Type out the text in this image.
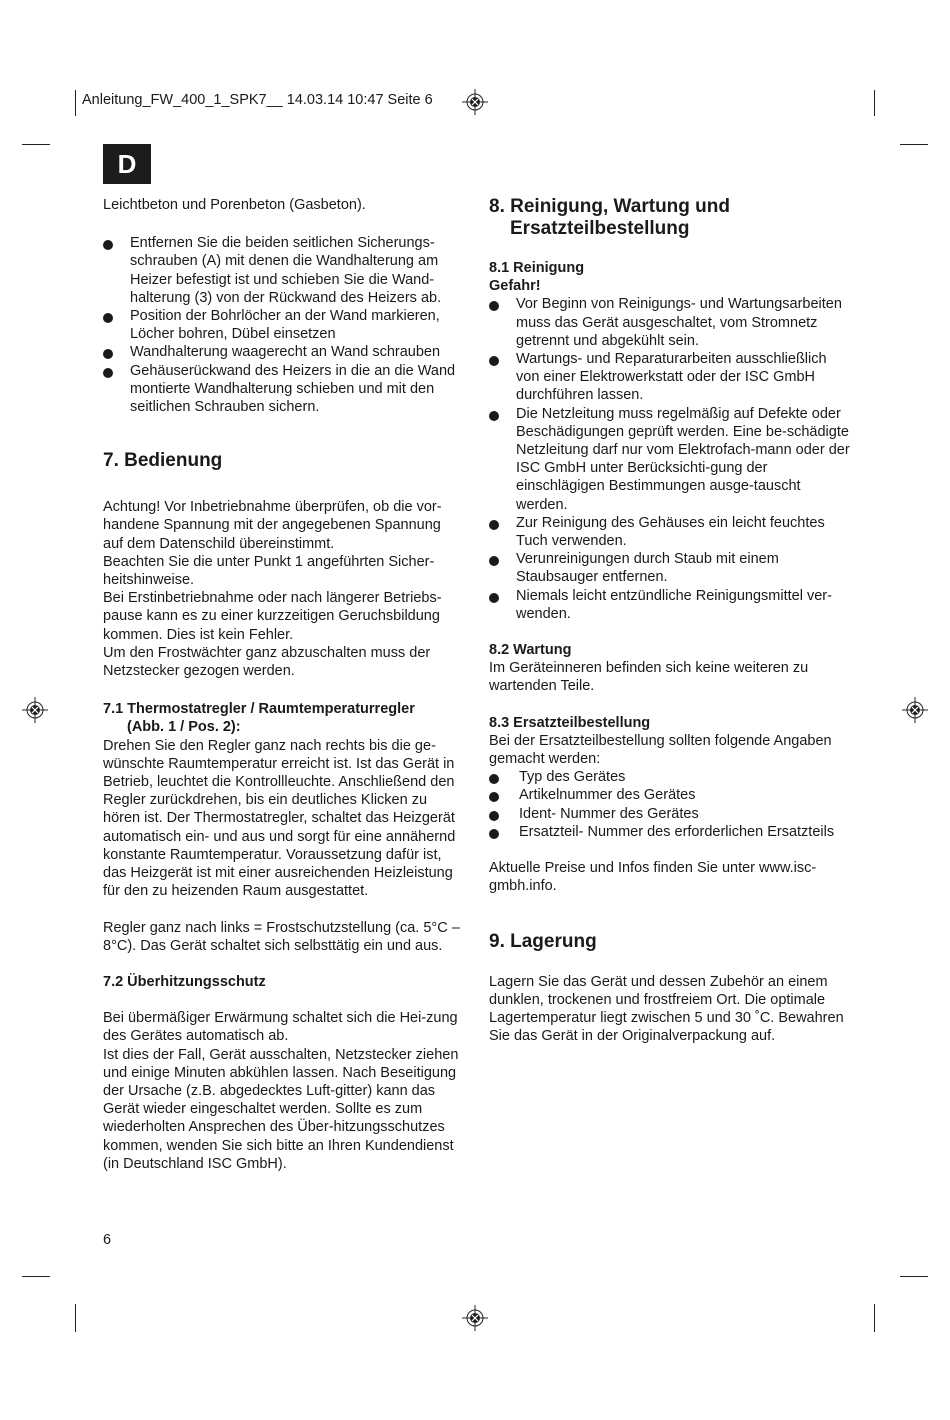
Anleitung_FW_400_1_SPK7__ 14.03.14 10:47 Seite 6
D

Leichtbeton und Porenbeton (Gasbeton).

Entfernen Sie die beiden seitlichen Sicherungs-schrauben (A) mit denen die Wandhalterung am Heizer befestigt ist und schieben Sie die Wand-halterung (3) von der Rückwand des Heizers ab.
Position der Bohrlöcher an der Wand markieren, Löcher bohren, Dübel einsetzen
Wandhalterung waagerecht an Wand schrauben
Gehäuserückwand des Heizers in die an die Wand montierte Wandhalterung schieben und mit den seitlichen Schrauben sichern.
7. Bedienung

Achtung! Vor Inbetriebnahme überprüfen, ob die vor-handene Spannung mit der angegebenen Spannung auf dem Datenschild übereinstimmt.

Beachten Sie die unter Punkt 1 angeführten Sicher-heitshinweise.

Bei Erstinbetriebnahme oder nach längerer Betriebs-pause kann es zu einer kurzzeitigen Geruchsbildung kommen. Dies ist kein Fehler.

Um den Frostwächter ganz abzuschalten muss der Netzstecker gezogen werden.

7.1 Thermostatregler / Raumtemperaturregler
(Abb. 1 / Pos. 2):

Drehen Sie den Regler ganz nach rechts bis die ge-wünschte Raumtemperatur erreicht ist. Ist das Gerät in Betrieb, leuchtet die Kontrollleuchte. Anschließend den Regler zurückdrehen, bis ein deutliches Klicken zu hören ist. Der Thermostatregler, schaltet das Heizgerät automatisch ein- und aus und sorgt für eine annähernd konstante Raumtemperatur. Voraussetzung dafür ist, das Heizgerät ist mit einer ausreichenden Heizleistung für den zu heizenden Raum ausgestattet.

Regler ganz nach links = Frostschutzstellung (ca. 5°C – 8°C). Das Gerät schaltet sich selbsttätig ein und aus.

7.2 Überhitzungsschutz

Bei übermäßiger Erwärmung schaltet sich die Hei-zung des Gerätes automatisch ab.

Ist dies der Fall, Gerät ausschalten, Netzstecker ziehen und einige Minuten abkühlen lassen. Nach Beseitigung der Ursache (z.B. abgedecktes Luft-gitter) kann das Gerät wieder eingeschaltet werden. Sollte es zum wiederholten Ansprechen des Über-hitzungsschutzes kommen, wenden Sie sich bitte an Ihren Kundendienst (in Deutschland ISC GmbH).

8. Reinigung, Wartung und
Ersatzteilbestellung
8.1 Reinigung
Gefahr!
Vor Beginn von Reinigungs- und Wartungsarbeiten muss das Gerät ausgeschaltet, vom Stromnetz getrennt und abgekühlt sein.
Wartungs- und Reparaturarbeiten ausschließlich von einer Elektrowerkstatt oder der ISC GmbH durchführen lassen.
Die Netzleitung muss regelmäßig auf Defekte oder Beschädigungen geprüft werden. Eine be-schädigte Netzleitung darf nur vom Elektrofach-mann oder der ISC GmbH unter Berücksichti-gung der einschlägigen Bestimmungen ausge-tauscht werden.
Zur Reinigung des Gehäuses ein leicht feuchtes Tuch verwenden.
Verunreinigungen durch Staub mit einem Staubsauger entfernen.
Niemals leicht entzündliche Reinigungsmittel ver-wenden.
8.2 Wartung

Im Geräteinneren befinden sich keine weiteren zu wartenden Teile.

8.3 Ersatzteilbestellung

Bei der Ersatzteilbestellung sollten folgende Angaben gemacht werden:

Typ des Gerätes
Artikelnummer des Gerätes
Ident- Nummer des Gerätes
Ersatzteil- Nummer des erforderlichen Ersatzteils

Aktuelle Preise und Infos finden Sie unter www.isc-gmbh.info.

9. Lagerung

Lagern Sie das Gerät und dessen Zubehör an einem dunklen, trockenen und frostfreiem Ort. Die optimale Lagertemperatur liegt zwischen 5 und 30 ˚C. Bewahren Sie das Gerät in der Originalverpackung auf.

6
